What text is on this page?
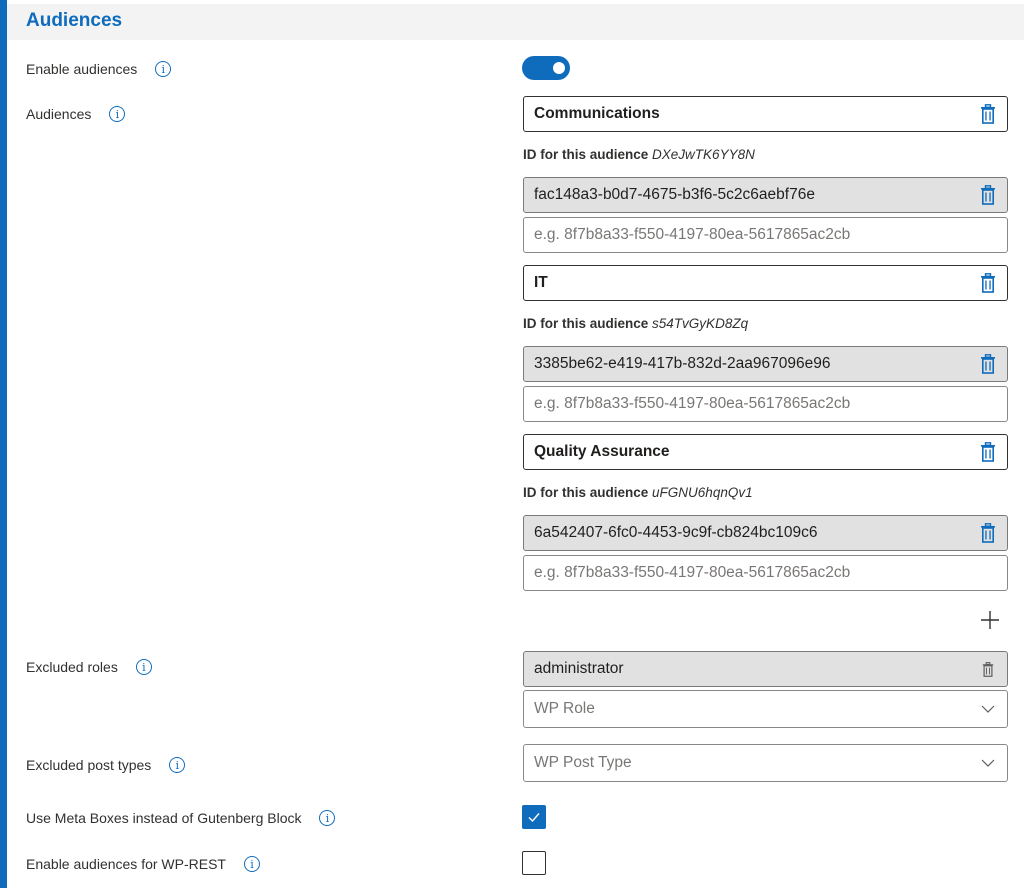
Audiences
Enable audiences	i
Audiences	i	Communications
ID for this audience DXeJwTK6YY8N
fac148a3-b0d7-4675-b3f6-5c2c6aebf76e
e.g. 8f7b8a33-f550-4197-80ea-5617865ac2cb
IT
ID for this audience s54TvGyKD8Zq
3385be62-e419-417b-832d-2aa967096e96
e.g. 8f7b8a33-f550-4197-80ea-5617865ac2cb
Quality Assurance
ID for this audience uFGNU6hqnQv1
6a542407-6fc0-4453-9c9f-cb824bc109c6
e.g. 8f7b8a33-f550-4197-80ea-5617865ac2cb
Excluded roles	i	administrator
WP Role
Excluded post types	i	WP Post Type
Use Meta Boxes instead of Gutenberg Block	i
Enable audiences for WP-REST	i
